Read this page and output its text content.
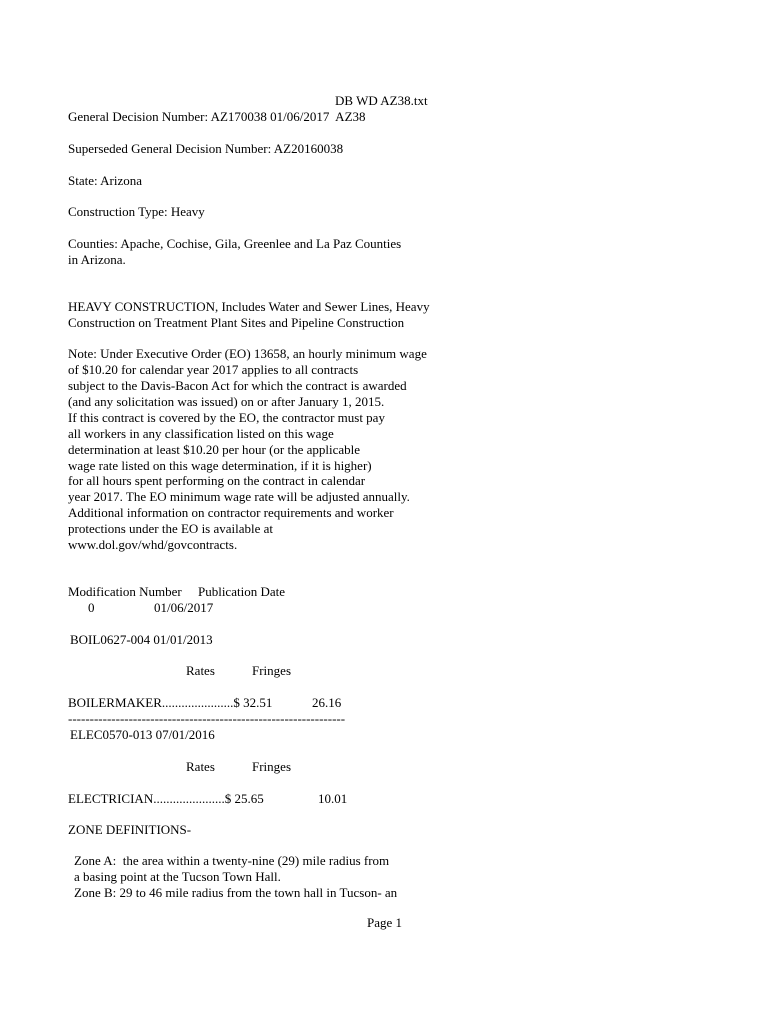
DB WD AZ38.txt
General Decision Number: AZ170038 01/06/2017  AZ38
Superseded General Decision Number: AZ20160038
State: Arizona
Construction Type: Heavy
Counties: Apache, Cochise, Gila, Greenlee and La Paz Counties
in Arizona.
HEAVY CONSTRUCTION, Includes Water and Sewer Lines, Heavy
Construction on Treatment Plant Sites and Pipeline Construction
Note: Under Executive Order (EO) 13658, an hourly minimum wage
of $10.20 for calendar year 2017 applies to all contracts
subject to the Davis-Bacon Act for which the contract is awarded
(and any solicitation was issued) on or after January 1, 2015.
If this contract is covered by the EO, the contractor must pay
all workers in any classification listed on this wage
determination at least $10.20 per hour (or the applicable
wage rate listed on this wage determination, if it is higher)
for all hours spent performing on the contract in calendar
year 2017. The EO minimum wage rate will be adjusted annually.
Additional information on contractor requirements and worker
protections under the EO is available at
www.dol.gov/whd/govcontracts.
Modification Number     Publication Date
0	01/06/2017
BOIL0627-004 01/01/2013
Rates	Fringes
BOILERMAKER......................$ 32.51	26.16
----------------------------------------------------------------
ELEC0570-013 07/01/2016
Rates	Fringes
ELECTRICIAN......................$ 25.65	10.01
ZONE DEFINITIONS-
Zone A:  the area within a twenty-nine (29) mile radius from
a basing point at the Tucson Town Hall.
Zone B: 29 to 46 mile radius from the town hall in Tucson- an
Page 1
